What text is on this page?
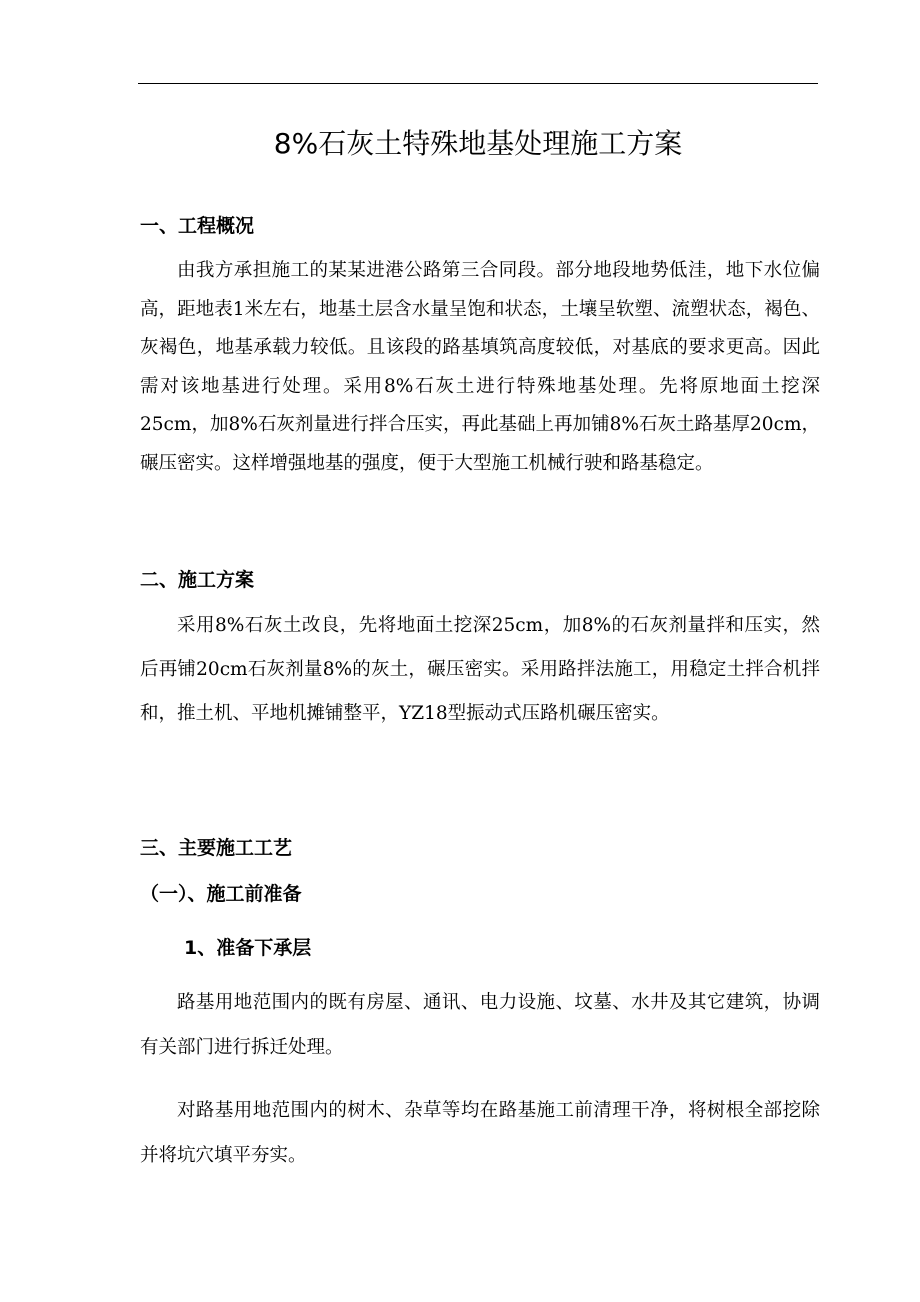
8%石灰土特殊地基处理施工方案
一、工程概况

由我方承担施工的某某进港公路第三合同段。部分地段地势低洼，地下水位偏高，距地表1米左右，地基土层含水量呈饱和状态，土壤呈软塑、流塑状态，褐色、灰褐色，地基承载力较低。且该段的路基填筑高度较低，对基底的要求更高。因此需对该地基进行处理。采用8%石灰土进行特殊地基处理。先将原地面土挖深25cm，加8%石灰剂量进行拌合压实，再此基础上再加铺8%石灰土路基厚20cm，碾压密实。这样增强地基的强度，便于大型施工机械行驶和路基稳定。

二、施工方案

采用8%石灰土改良，先将地面土挖深25cm，加8%的石灰剂量拌和压实，然后再铺20cm石灰剂量8%的灰土，碾压密实。采用路拌法施工，用稳定土拌合机拌和，推土机、平地机摊铺整平，YZ18型振动式压路机碾压密实。

三、主要施工工艺
（一）、施工前准备
1、准备下承层

路基用地范围内的既有房屋、通讯、电力设施、坟墓、水井及其它建筑，协调有关部门进行拆迁处理。

对路基用地范围内的树木、杂草等均在路基施工前清理干净，将树根全部挖除并将坑穴填平夯实。
